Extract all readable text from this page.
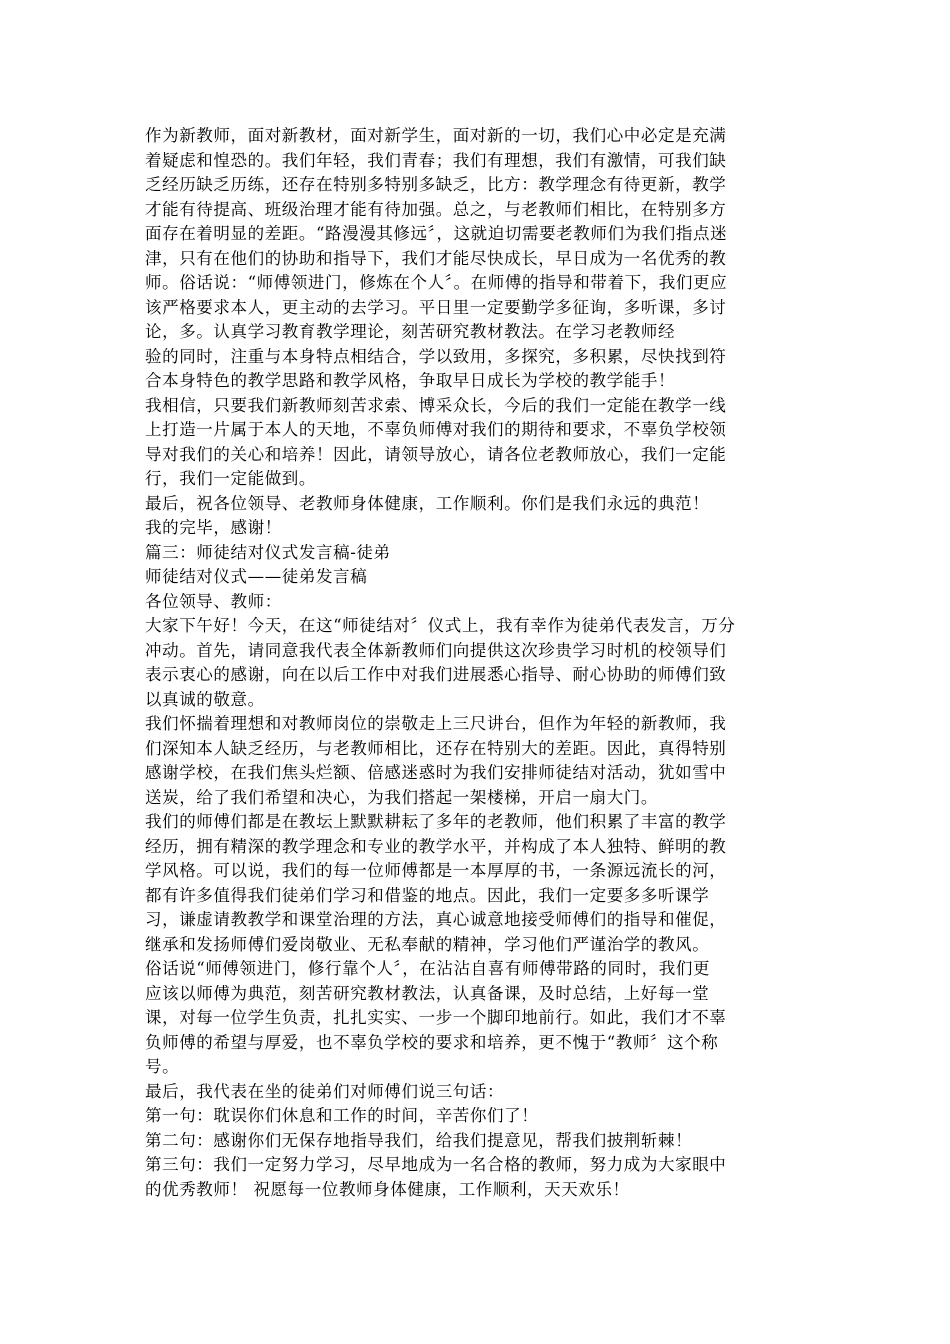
作为新教师，面对新教材，面对新学生，面对新的一切，我们心中必定是充满
着疑虑和惶恐的。我们年轻，我们青春；我们有理想，我们有激情，可我们缺
乏经历缺乏历练，还存在特别多特别多缺乏，比方：教学理念有待更新，教学
才能有待提高、班级治理才能有待加强。总之，与老教师们相比，在特别多方
面存在着明显的差距。“路漫漫其修远〞，这就迫切需要老教师们为我们指点迷
津，只有在他们的协助和指导下，我们才能尽快成长，早日成为一名优秀的教
师。俗话说：“师傅领进门，修炼在个人〞。在师傅的指导和带着下，我们更应
该严格要求本人，更主动的去学习。平日里一定要勤学多征询，多听课，多讨
论，多。认真学习教育教学理论，刻苦研究教材教法。在学习老教师经
验的同时，注重与本身特点相结合，学以致用，多探究，多积累，尽快找到符
合本身特色的教学思路和教学风格，争取早日成长为学校的教学能手！
我相信，只要我们新教师刻苦求索、博采众长，今后的我们一定能在教学一线
上打造一片属于本人的天地，不辜负师傅对我们的期待和要求，不辜负学校领
导对我们的关心和培养！因此，请领导放心，请各位老教师放心，我们一定能
行，我们一定能做到。
最后，祝各位领导、老教师身体健康，工作顺利。你们是我们永远的典范！
我的完毕，感谢！
篇三：师徒结对仪式发言稿-徒弟
师徒结对仪式——徒弟发言稿
各位领导、教师：
大家下午好！今天，在这“师徒结对〞仪式上，我有幸作为徒弟代表发言，万分
冲动。首先，请同意我代表全体新教师们向提供这次珍贵学习时机的校领导们
表示衷心的感谢，向在以后工作中对我们进展悉心指导、耐心协助的师傅们致
以真诚的敬意。
我们怀揣着理想和对教师岗位的崇敬走上三尺讲台，但作为年轻的新教师，我
们深知本人缺乏经历，与老教师相比，还存在特别大的差距。因此，真得特别
感谢学校，在我们焦头烂额、倍感迷惑时为我们安排师徒结对活动，犹如雪中
送炭，给了我们希望和决心，为我们搭起一架楼梯，开启一扇大门。
我们的师傅们都是在教坛上默默耕耘了多年的老教师，他们积累了丰富的教学
经历，拥有精深的教学理念和专业的教学水平，并构成了本人独特、鲜明的教
学风格。可以说，我们的每一位师傅都是一本厚厚的书，一条源远流长的河，
都有许多值得我们徒弟们学习和借鉴的地点。因此，我们一定要多多听课学
习，谦虚请教教学和课堂治理的方法，真心诚意地接受师傅们的指导和催促，
继承和发扬师傅们爱岗敬业、无私奉献的精神，学习他们严谨治学的教风。
俗话说“师傅领进门，修行靠个人〞，在沾沾自喜有师傅带路的同时，我们更
应该以师傅为典范，刻苦研究教材教法，认真备课，及时总结，上好每一堂
课，对每一位学生负责，扎扎实实、一步一个脚印地前行。如此，我们才不辜
负师傅的希望与厚爱，也不辜负学校的要求和培养，更不愧于“教师〞这个称
号。
最后，我代表在坐的徒弟们对师傅们说三句话：
第一句：耽误你们休息和工作的时间，辛苦你们了！
第二句：感谢你们无保存地指导我们，给我们提意见，帮我们披荆斩棘！
第三句：我们一定努力学习，尽早地成为一名合格的教师，努力成为大家眼中
的优秀教师！ 祝愿每一位教师身体健康，工作顺利，天天欢乐！
